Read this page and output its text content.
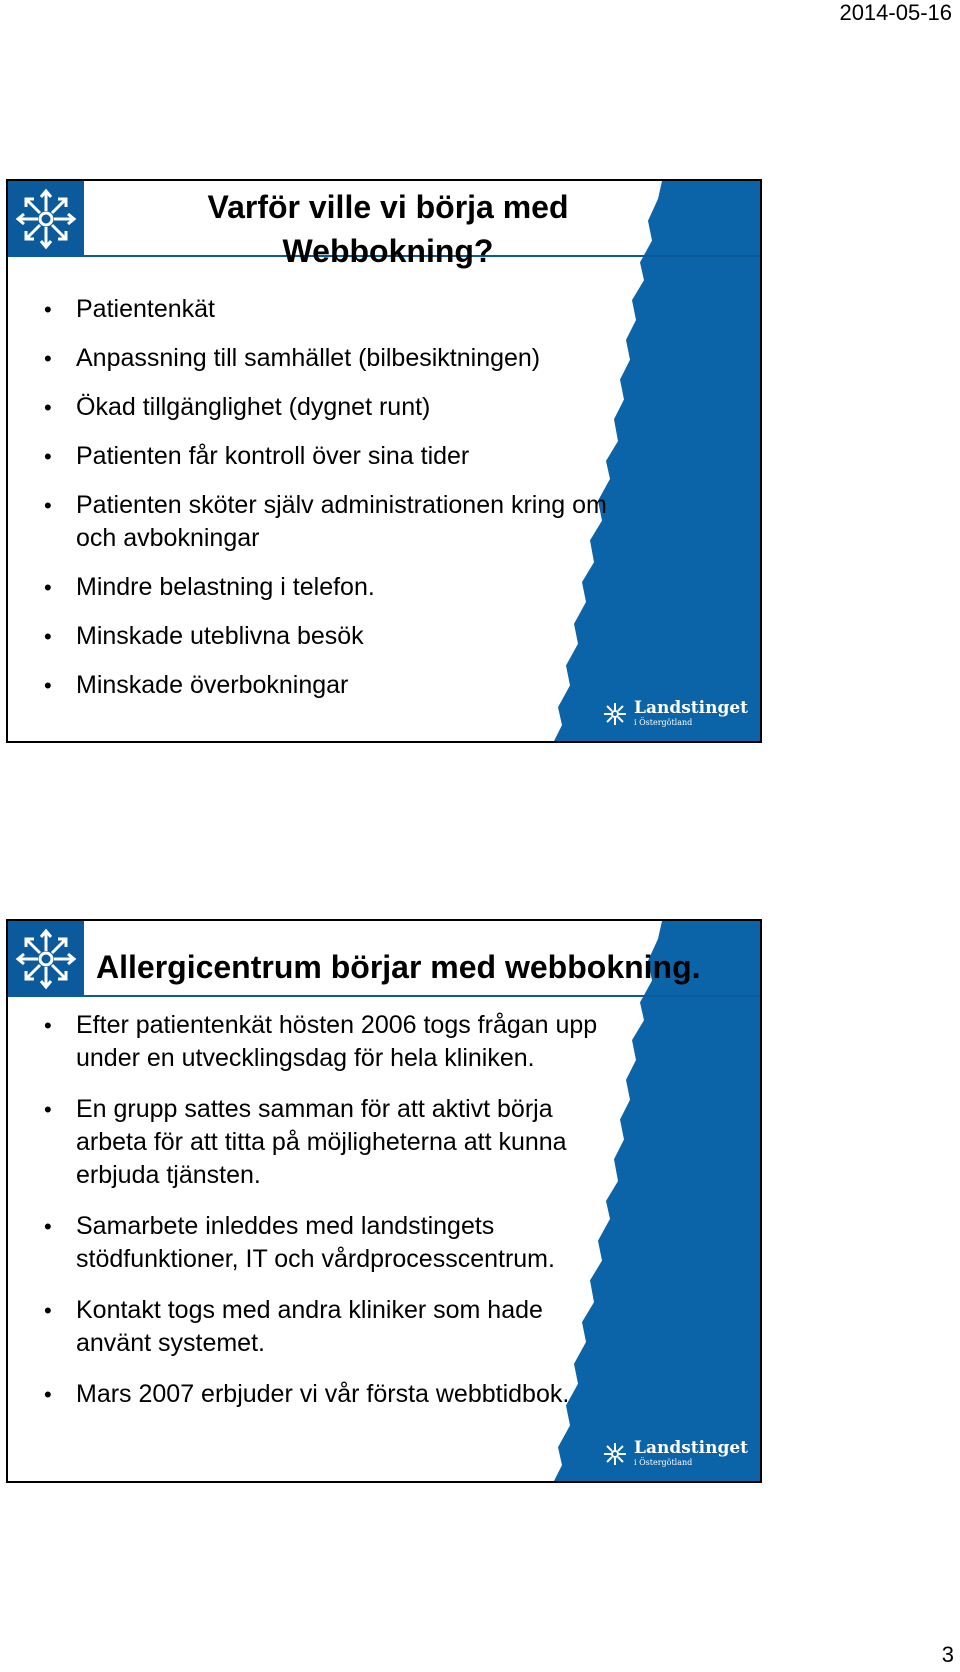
2014-05-16
Varför ville vi börja med Webbokning?
• Patientenkät
• Anpassning till samhället (bilbesiktningen)
• Ökad tillgänglighet (dygnet runt)
• Patienten får kontroll över sina tider
• Patienten sköter själv administrationen kring om och avbokningar
• Mindre belastning i telefon.
• Minskade uteblivna besök
• Minskade överbokningar
Landstinget
i Östergötland
Allergicentrum börjar med webbokning.
• Efter patientenkät hösten 2006 togs frågan upp under en utvecklingsdag för hela kliniken.
• En grupp sattes samman för att aktivt börja arbeta för att titta på möjligheterna att kunna erbjuda tjänsten.
• Samarbete inleddes med landstingets stödfunktioner, IT och vårdprocesscentrum.
• Kontakt togs med andra kliniker som hade använt systemet.
• Mars 2007 erbjuder vi vår första webbtidbok.
Landstinget
i Östergötland
3
